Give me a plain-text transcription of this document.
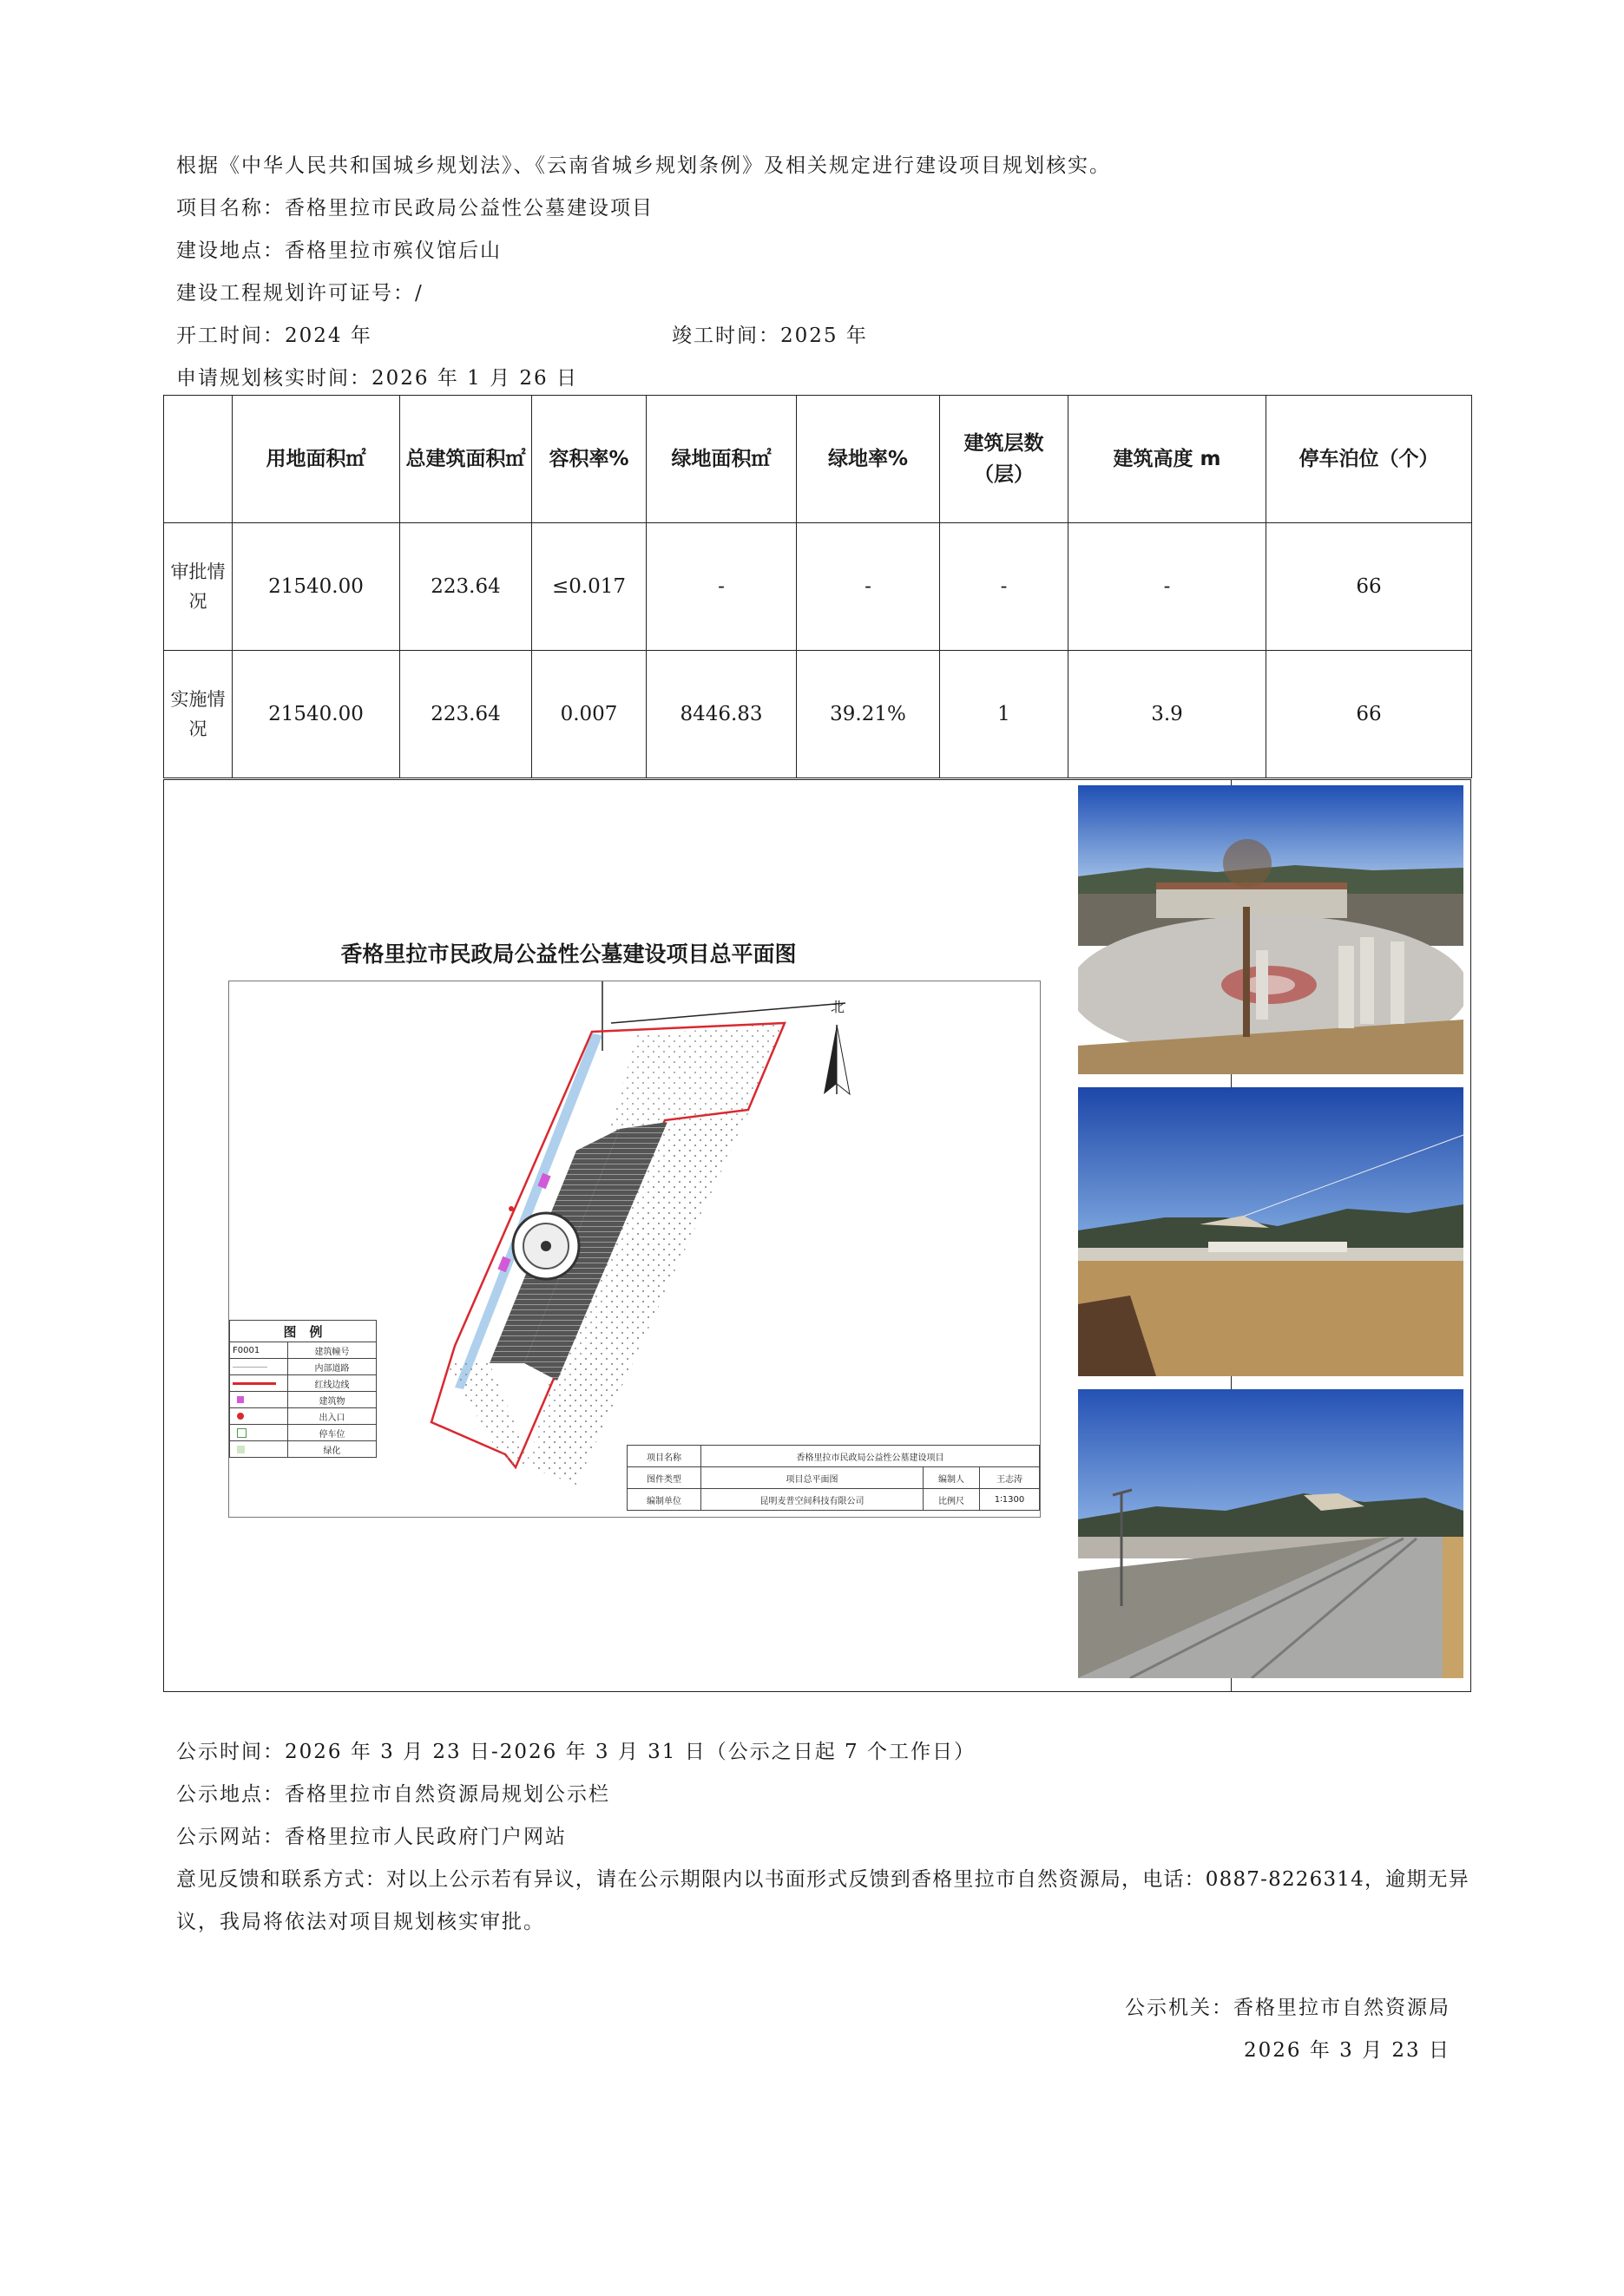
根据《中华人民共和国城乡规划法》、《云南省城乡规划条例》及相关规定进行建设项目规划核实。
项目名称：香格里拉市民政局公益性公墓建设项目
建设地点：香格里拉市殡仪馆后山
建设工程规划许可证号：/
开工时间：2024 年	竣工时间：2025 年
申请规划核实时间：2026 年 1 月 26 日
	用地面积㎡	总建筑面积㎡	容积率%	绿地面积㎡	绿地率%	建筑层数（层）	建筑高度 m	停车泊位（个）
审批情况	21540.00	223.64	≤0.017	-	-	-	-	66
实施情况	21540.00	223.64	0.007	8446.83	39.21%	1	3.9	66
香格里拉市民政局公益性公墓建设项目总平面图
北
图　例	
F0001	建筑幢号

	内部道路

	红线边线

	建筑物

	出入口

	停车位

	绿化
项目名称	香格里拉市民政局公益性公墓建设项目		
图件类型	项目总平面图	编制人	王志涛
编制单位	昆明麦普空间科技有限公司	比例尺	1∶1300
公示时间：2026 年 3 月 23 日-2026 年 3 月 31 日（公示之日起 7 个工作日）
公示地点：香格里拉市自然资源局规划公示栏
公示网站：香格里拉市人民政府门户网站
意见反馈和联系方式：对以上公示若有异议，请在公示期限内以书面形式反馈到香格里拉市自然资源局，电话：0887-8226314，逾期无异
议，我局将依法对项目规划核实审批。
公示机关：香格里拉市自然资源局
2026 年 3 月 23 日
